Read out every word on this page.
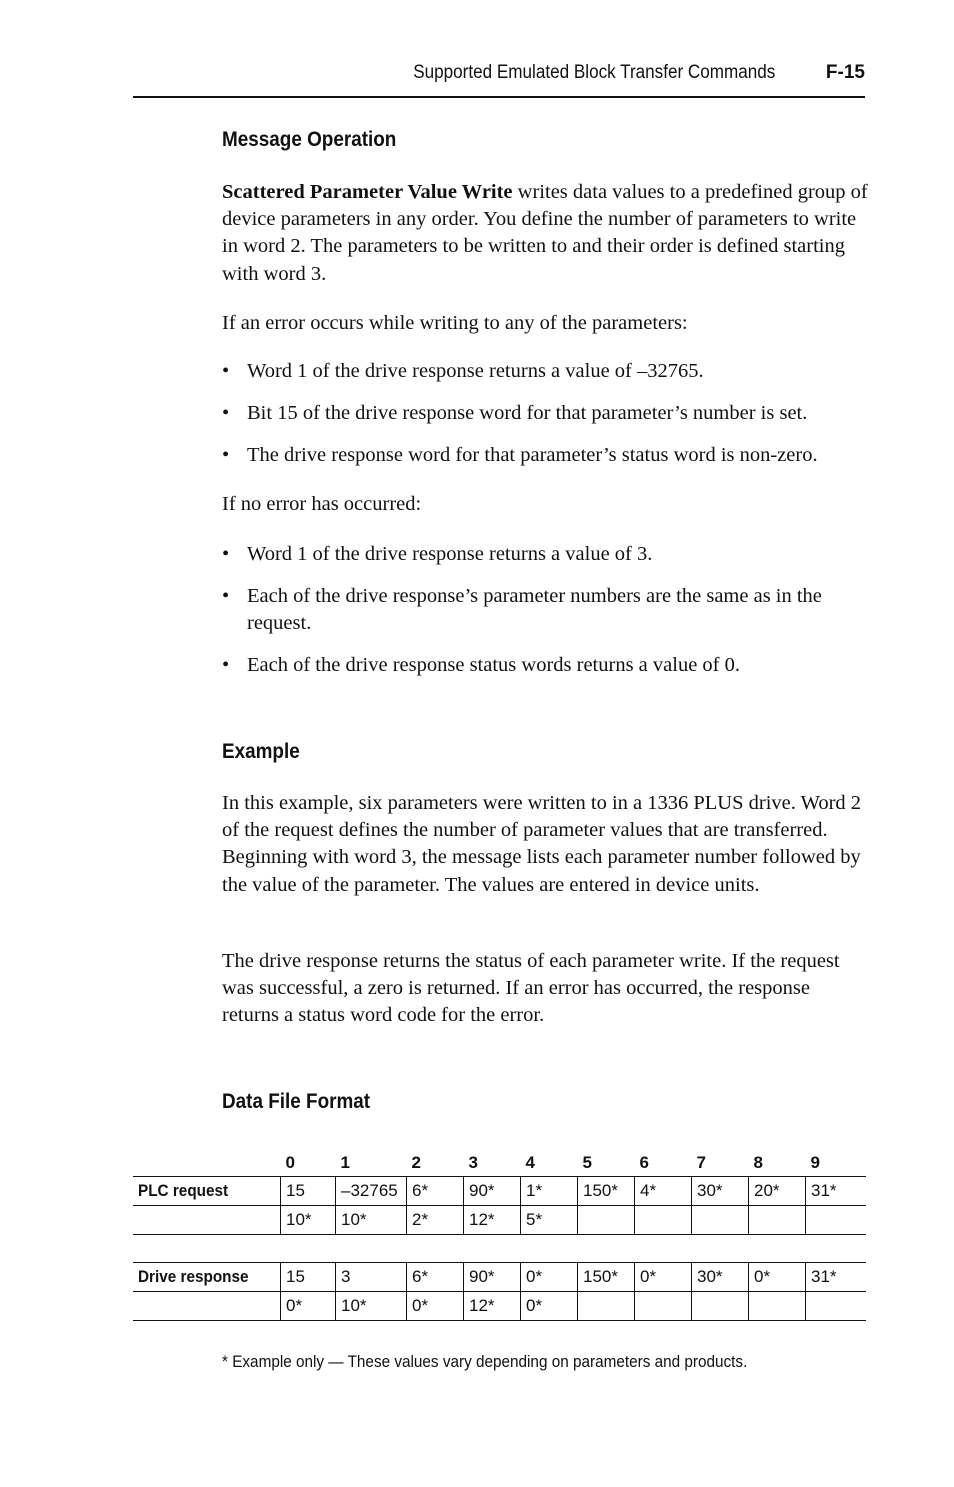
Supported Emulated Block Transfer Commands	F-15
Message Operation

Scattered Parameter Value Write writes data values to a predefined group of device parameters in any order. You define the number of parameters to write in word 2. The parameters to be written to and their order is defined starting with word 3.

If an error occurs while writing to any of the parameters:

• Word 1 of the drive response returns a value of –32765.
• Bit 15 of the drive response word for that parameter’s number is set.
• The drive response word for that parameter’s status word is non-zero.

If no error has occurred:

• Word 1 of the drive response returns a value of 3.
• Each of the drive response’s parameter numbers are the same as in the request.
• Each of the drive response status words returns a value of 0.
Example

In this example, six parameters were written to in a 1336 PLUS drive. Word 2 of the request defines the number of parameter values that are transferred. Beginning with word 3, the message lists each parameter number followed by the value of the parameter. The values are entered in device units.

The drive response returns the status of each parameter write. If the request was successful, a zero is returned. If an error has occurred, the response returns a status word code for the error.

Data File Format
	0	1	2	3	4	5	6	7	8	9
PLC request	15	–32765	6*	90*	1*	150*	4*	30*	20*	31*
	10*	10*	2*	12*	5*					

Drive response	15	3	6*	90*	0*	150*	0*	30*	0*	31*
	0*	10*	0*	12*	0*					
* Example only — These values vary depending on parameters and products.
